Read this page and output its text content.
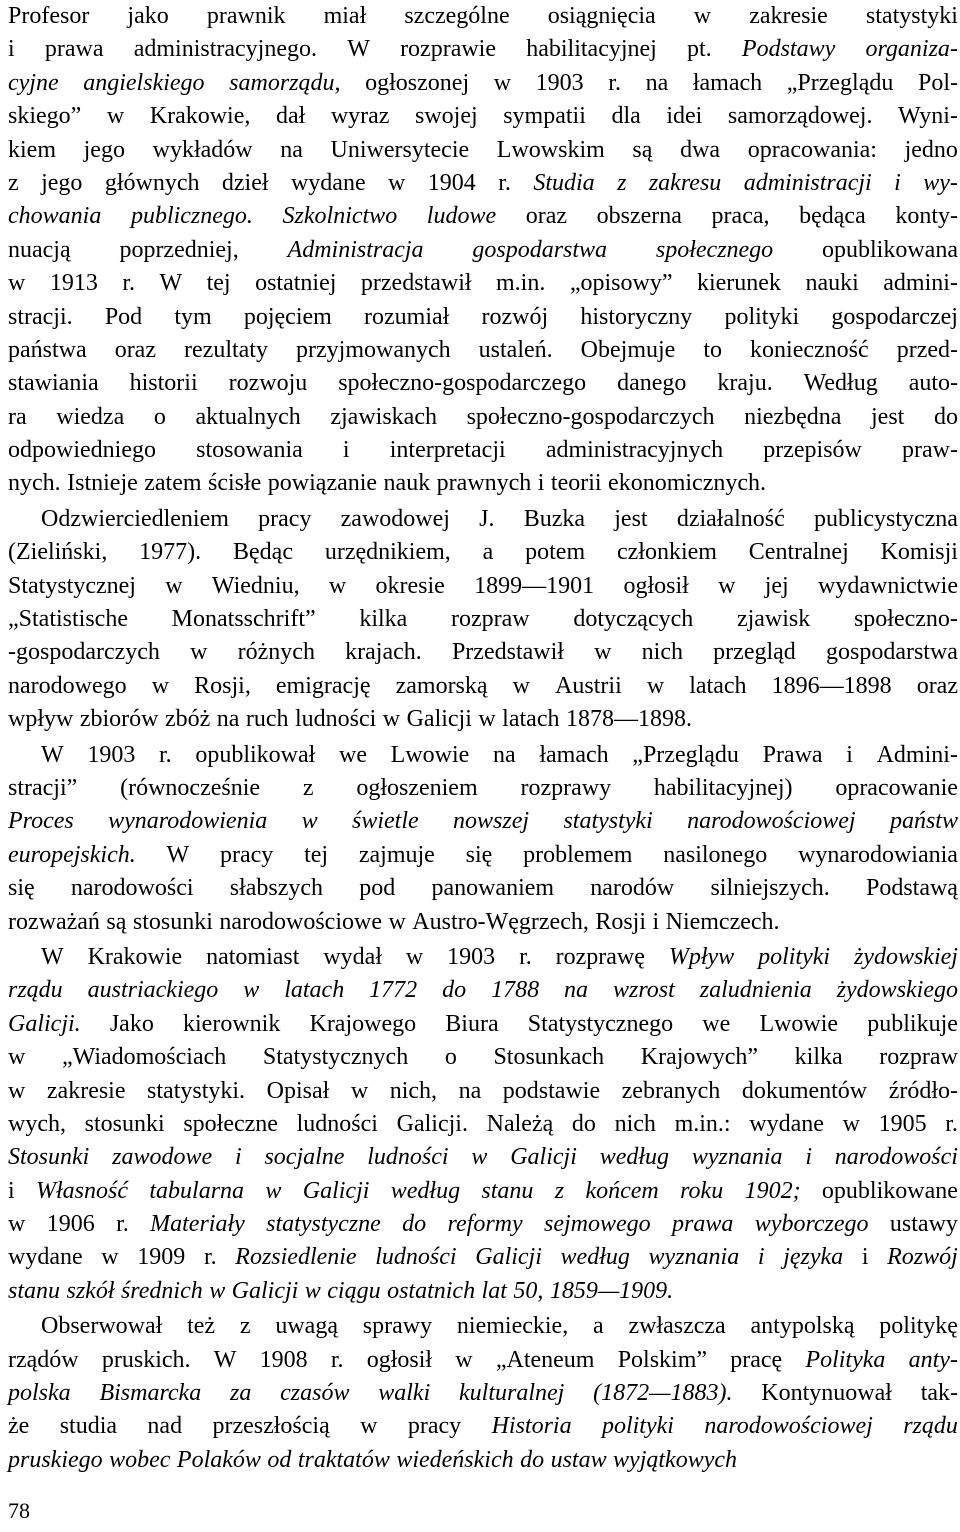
Profesor jako prawnik miał szczególne osiągnięcia w zakresie statystyki
i prawa administracyjnego. W rozprawie habilitacyjnej pt. Podstawy organiza-
cyjne angielskiego samorządu, ogłoszonej w 1903 r. na łamach „Przeglądu Pol-
skiego” w Krakowie, dał wyraz swojej sympatii dla idei samorządowej. Wyni-
kiem jego wykładów na Uniwersytecie Lwowskim są dwa opracowania: jedno
z jego głównych dzieł wydane w 1904 r. Studia z zakresu administracji i wy-
chowania publicznego. Szkolnictwo ludowe oraz obszerna praca, będąca konty-
nuacją poprzedniej, Administracja gospodarstwa społecznego opublikowana
w 1913 r. W tej ostatniej przedstawił m.in. „opisowy” kierunek nauki admini-
stracji. Pod tym pojęciem rozumiał rozwój historyczny polityki gospodarczej
państwa oraz rezultaty przyjmowanych ustaleń. Obejmuje to konieczność przed-
stawiania historii rozwoju społeczno-gospodarczego danego kraju. Według auto-
ra wiedza o aktualnych zjawiskach społeczno-gospodarczych niezbędna jest do
odpowiedniego stosowania i interpretacji administracyjnych przepisów praw-
nych. Istnieje zatem ścisłe powiązanie nauk prawnych i teorii ekonomicznych.
Odzwierciedleniem pracy zawodowej J. Buzka jest działalność publicystyczna
(Zieliński, 1977). Będąc urzędnikiem, a potem członkiem Centralnej Komisji
Statystycznej w Wiedniu, w okresie 1899—1901 ogłosił w jej wydawnictwie
„Statistische Monatsschrift” kilka rozpraw dotyczących zjawisk społeczno-
-gospodarczych w różnych krajach. Przedstawił w nich przegląd gospodarstwa
narodowego w Rosji, emigrację zamorską w Austrii w latach 1896—1898 oraz
wpływ zbiorów zbóż na ruch ludności w Galicji w latach 1878—1898.
W 1903 r. opublikował we Lwowie na łamach „Przeglądu Prawa i Admini-
stracji” (równocześnie z ogłoszeniem rozprawy habilitacyjnej) opracowanie
Proces wynarodowienia w świetle nowszej statystyki narodowościowej państw
europejskich. W pracy tej zajmuje się problemem nasilonego wynarodowiania
się narodowości słabszych pod panowaniem narodów silniejszych. Podstawą
rozważań są stosunki narodowościowe w Austro-Węgrzech, Rosji i Niemczech.
W Krakowie natomiast wydał w 1903 r. rozprawę Wpływ polityki żydowskiej
rządu austriackiego w latach 1772 do 1788 na wzrost zaludnienia żydowskiego
Galicji. Jako kierownik Krajowego Biura Statystycznego we Lwowie publikuje
w „Wiadomościach Statystycznych o Stosunkach Krajowych” kilka rozpraw
w zakresie statystyki. Opisał w nich, na podstawie zebranych dokumentów źródło-
wych, stosunki społeczne ludności Galicji. Należą do nich m.in.: wydane w 1905 r.
Stosunki zawodowe i socjalne ludności w Galicji według wyznania i narodowości
i Własność tabularna w Galicji według stanu z końcem roku 1902; opublikowane
w 1906 r. Materiały statystyczne do reformy sejmowego prawa wyborczego ustawy
wydane w 1909 r. Rozsiedlenie ludności Galicji według wyznania i języka i Rozwój
stanu szkół średnich w Galicji w ciągu ostatnich lat 50, 1859—1909.
Obserwował też z uwagą sprawy niemieckie, a zwłaszcza antypolską politykę
rządów pruskich. W 1908 r. ogłosił w „Ateneum Polskim” pracę Polityka anty-
polska Bismarcka za czasów walki kulturalnej (1872—1883). Kontynuował tak-
że studia nad przeszłością w pracy Historia polityki narodowościowej rządu
pruskiego wobec Polaków od traktatów wiedeńskich do ustaw wyjątkowych
78
